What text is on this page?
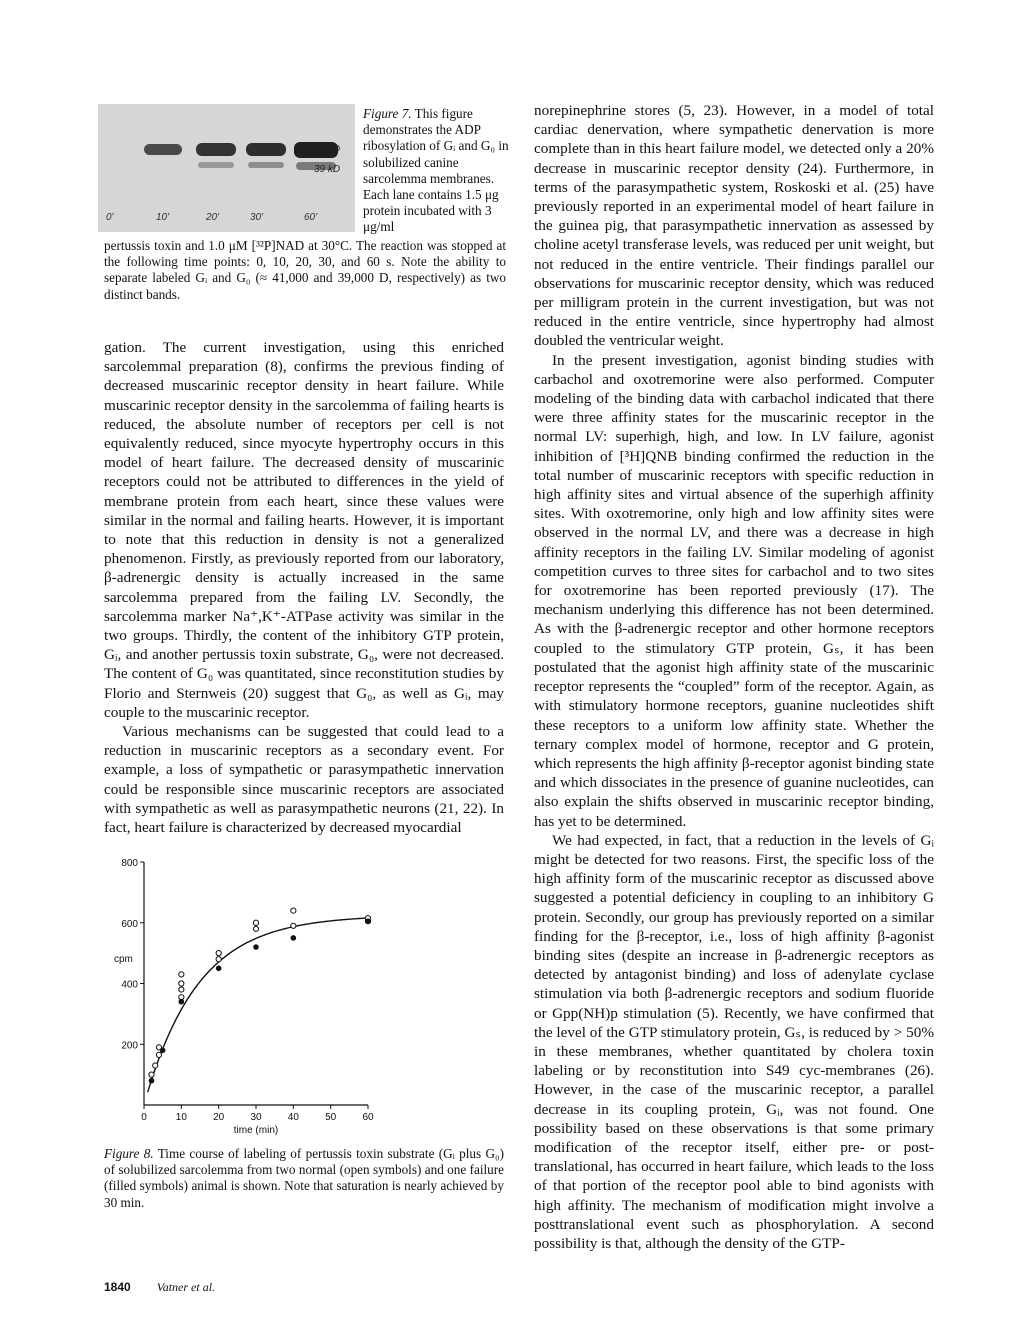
0'	10'	20'	30'	60'
41 kD
39 kD
Figure 7. This figure demonstrates the ADP ribosylation of Gᵢ and G₀ in solubilized canine sarcolemma membranes. Each lane contains 1.5 μg protein incubated with 3 μg/ml
pertussis toxin and 1.0 μM [³²P]NAD at 30°C. The reaction was stopped at the following time points: 0, 10, 20, 30, and 60 s. Note the ability to separate labeled Gᵢ and G₀ (≈ 41,000 and 39,000 D, respectively) as two distinct bands.

gation. The current investigation, using this enriched sarcolemmal preparation (8), confirms the previous finding of decreased muscarinic receptor density in heart failure. While muscarinic receptor density in the sarcolemma of failing hearts is reduced, the absolute number of receptors per cell is not equivalently reduced, since myocyte hypertrophy occurs in this model of heart failure. The decreased density of muscarinic receptors could not be attributed to differences in the yield of membrane protein from each heart, since these values were similar in the normal and failing hearts. However, it is important to note that this reduction in density is not a generalized phenomenon. Firstly, as previously reported from our laboratory, β-adrenergic density is actually increased in the same sarcolemma prepared from the failing LV. Secondly, the sarcolemma marker Na⁺,K⁺-ATPase activity was similar in the two groups. Thirdly, the content of the inhibitory GTP protein, Gᵢ, and another pertussis toxin substrate, G₀, were not decreased. The content of G₀ was quantitated, since reconstitution studies by Florio and Sternweis (20) suggest that G₀, as well as Gᵢ, may couple to the muscarinic receptor.

Various mechanisms can be suggested that could lead to a reduction in muscarinic receptors as a secondary event. For example, a loss of sympathetic or parasympathetic innervation could be responsible since muscarinic receptors are associated with sympathetic as well as parasympathetic neurons (21, 22). In fact, heart failure is characterized by decreased myocardial

200
400
600
800
0	10	20	30	40	50	60
cpm
time (min)
Figure 8. Time course of labeling of pertussis toxin substrate (Gᵢ plus G₀) of solubilized sarcolemma from two normal (open symbols) and one failure (filled symbols) animal is shown. Note that saturation is nearly achieved by 30 min.

norepinephrine stores (5, 23). However, in a model of total cardiac denervation, where sympathetic denervation is more complete than in this heart failure model, we detected only a 20% decrease in muscarinic receptor density (24). Furthermore, in terms of the parasympathetic system, Roskoski et al. (25) have previously reported in an experimental model of heart failure in the guinea pig, that parasympathetic innervation as assessed by choline acetyl transferase levels, was reduced per unit weight, but not reduced in the entire ventricle. Their findings parallel our observations for muscarinic receptor density, which was reduced per milligram protein in the current investigation, but was not reduced in the entire ventricle, since hypertrophy had almost doubled the ventricular weight.

In the present investigation, agonist binding studies with carbachol and oxotremorine were also performed. Computer modeling of the binding data with carbachol indicated that there were three affinity states for the muscarinic receptor in the normal LV: superhigh, high, and low. In LV failure, agonist inhibition of [³H]QNB binding confirmed the reduction in the total number of muscarinic receptors with specific reduction in high affinity sites and virtual absence of the superhigh affinity sites. With oxotremorine, only high and low affinity sites were observed in the normal LV, and there was a decrease in high affinity receptors in the failing LV. Similar modeling of agonist competition curves to three sites for carbachol and to two sites for oxotremorine has been reported previously (17). The mechanism underlying this difference has not been determined. As with the β-adrenergic receptor and other hormone receptors coupled to the stimulatory GTP protein, Gₛ, it has been postulated that the agonist high affinity state of the muscarinic receptor represents the “coupled” form of the receptor. Again, as with stimulatory hormone receptors, guanine nucleotides shift these receptors to a uniform low affinity state. Whether the ternary complex model of hormone, receptor and G protein, which represents the high affinity β-receptor agonist binding state and which dissociates in the presence of guanine nucleotides, can also explain the shifts observed in muscarinic receptor binding, has yet to be determined.

We had expected, in fact, that a reduction in the levels of Gᵢ might be detected for two reasons. First, the specific loss of the high affinity form of the muscarinic receptor as discussed above suggested a potential deficiency in coupling to an inhibitory G protein. Secondly, our group has previously reported on a similar finding for the β-receptor, i.e., loss of high affinity β-agonist binding sites (despite an increase in β-adrenergic receptors as detected by antagonist binding) and loss of adenylate cyclase stimulation via both β-adrenergic receptors and sodium fluoride or Gpp(NH)p stimulation (5). Recently, we have confirmed that the level of the GTP stimulatory protein, Gₛ, is reduced by > 50% in these membranes, whether quantitated by cholera toxin labeling or by reconstitution into S49 cyc-membranes (26). However, in the case of the muscarinic receptor, a parallel decrease in its coupling protein, Gᵢ, was not found. One possibility based on these observations is that some primary modification of the receptor itself, either pre- or post-translational, has occurred in heart failure, which leads to the loss of that portion of the receptor pool able to bind agonists with high affinity. The mechanism of modification might involve a posttranslational event such as phosphorylation. A second possibility is that, although the density of the GTP-

1840 Vatner et al.
